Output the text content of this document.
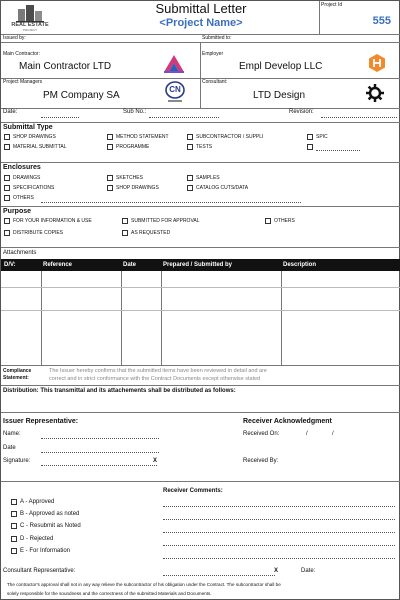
REAL ESTATE
PROJECT
Submittal Letter
<Project Name>
Project Id
555
Issued by:	Submitted to:
Main Contractor:
Main Contractor LTD
Employer
Empl Develop LLC
Project Managers
PM Company SA
CN
Consultant:
LTD Design
Date:	Sub No.:	Revision:
Submittal Type
SHOP DRAWINGS	METHOD STATEMENT	SUBCONTRACTOR / SUPPLI	SPIC
MATERIAL SUBMITTAL	PROGRAMME	TESTS
Enclosures
DRAWINGS	SKETCHES	SAMPLES
SPECIFICATIONS	SHOP DRAWINGS	CATALOG CUTS/DATA
OTHERS
Purpose
FOR YOUR INFORMATION & USE	SUBMITTED FOR APPROVAL	OTHERS
DISTRIBUTE COPIES	AS REQUESTED
Attachments
D/V:	Reference	Date	Prepared / Submitted by	Description
Compliance
Statement:
The Issuer hereby confirms that the submitted items have been reviewed in detail and are
correct and in strict conformance with the Contract Documents except otherwise stated
Distribution: This transmittal and its attachements shall be distributed as follows:
Issuer Representative:
Name:
Date
Signature:	X
Receiver Acknowledgment
Received On:	/	/
Received By:
Receiver Comments:
A - Approved
B - Approved as noted
C - Resubmit as Noted
D - Rejected
E - For Information
Consultant Representative:	X	Date:
The contractor's approval shall not in any way relieve the subcontractor of his obligation under the Contract. The subcontractor shall be
solely responsible for the soundness and the correctness of the submitted Materials and Documents.
